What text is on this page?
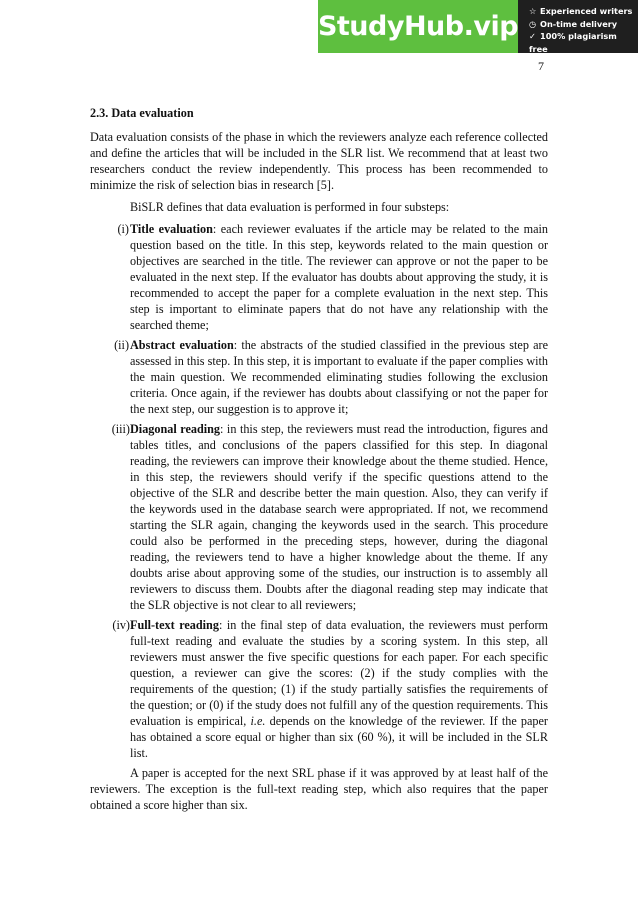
StudyHub.vip ☆ Experienced writers
◷ On-time delivery
✓ 100% plagiarism free
7
2.3. Data evaluation

Data evaluation consists of the phase in which the reviewers analyze each reference collected and define the articles that will be included in the SLR list. We recommend that at least two researchers conduct the review independently. This process has been recommended to minimize the risk of selection bias in research [5].

BiSLR defines that data evaluation is performed in four substeps:

(i) Title evaluation: each reviewer evaluates if the article may be related to the main question based on the title. In this step, keywords related to the main question or objectives are searched in the title. The reviewer can approve or not the paper to be evaluated in the next step. If the evaluator has doubts about approving the study, it is recommended to accept the paper for a complete evaluation in the next step. This step is important to eliminate papers that do not have any relationship with the searched theme;
(ii) Abstract evaluation: the abstracts of the studied classified in the previous step are assessed in this step. In this step, it is important to evaluate if the paper complies with the main question. We recommended eliminating studies following the exclusion criteria. Once again, if the reviewer has doubts about classifying or not the paper for the next step, our suggestion is to approve it;
(iii) Diagonal reading: in this step, the reviewers must read the introduction, figures and tables titles, and conclusions of the papers classified for this step. In diagonal reading, the reviewers can improve their knowledge about the theme studied. Hence, in this step, the reviewers should verify if the specific questions attend to the objective of the SLR and describe better the main question. Also, they can verify if the keywords used in the database search were appropriated. If not, we recommend starting the SLR again, changing the keywords used in the search. This procedure could also be performed in the preceding steps, however, during the diagonal reading, the reviewers tend to have a higher knowledge about the theme. If any doubts arise about approving some of the studies, our instruction is to assembly all reviewers to discuss them. Doubts after the diagonal reading step may indicate that the SLR objective is not clear to all reviewers;
(iv) Full-text reading: in the final step of data evaluation, the reviewers must perform full-text reading and evaluate the studies by a scoring system. In this step, all reviewers must answer the five specific questions for each paper. For each specific question, a reviewer can give the scores: (2) if the study complies with the requirements of the question; (1) if the study partially satisfies the requirements of the question; or (0) if the study does not fulfill any of the question requirements. This evaluation is empirical, i.e. depends on the knowledge of the reviewer. If the paper has obtained a score equal or higher than six (60 %), it will be included in the SLR list.

A paper is accepted for the next SRL phase if it was approved by at least half of the reviewers. The exception is the full-text reading step, which also requires that the paper obtained a score higher than six.
